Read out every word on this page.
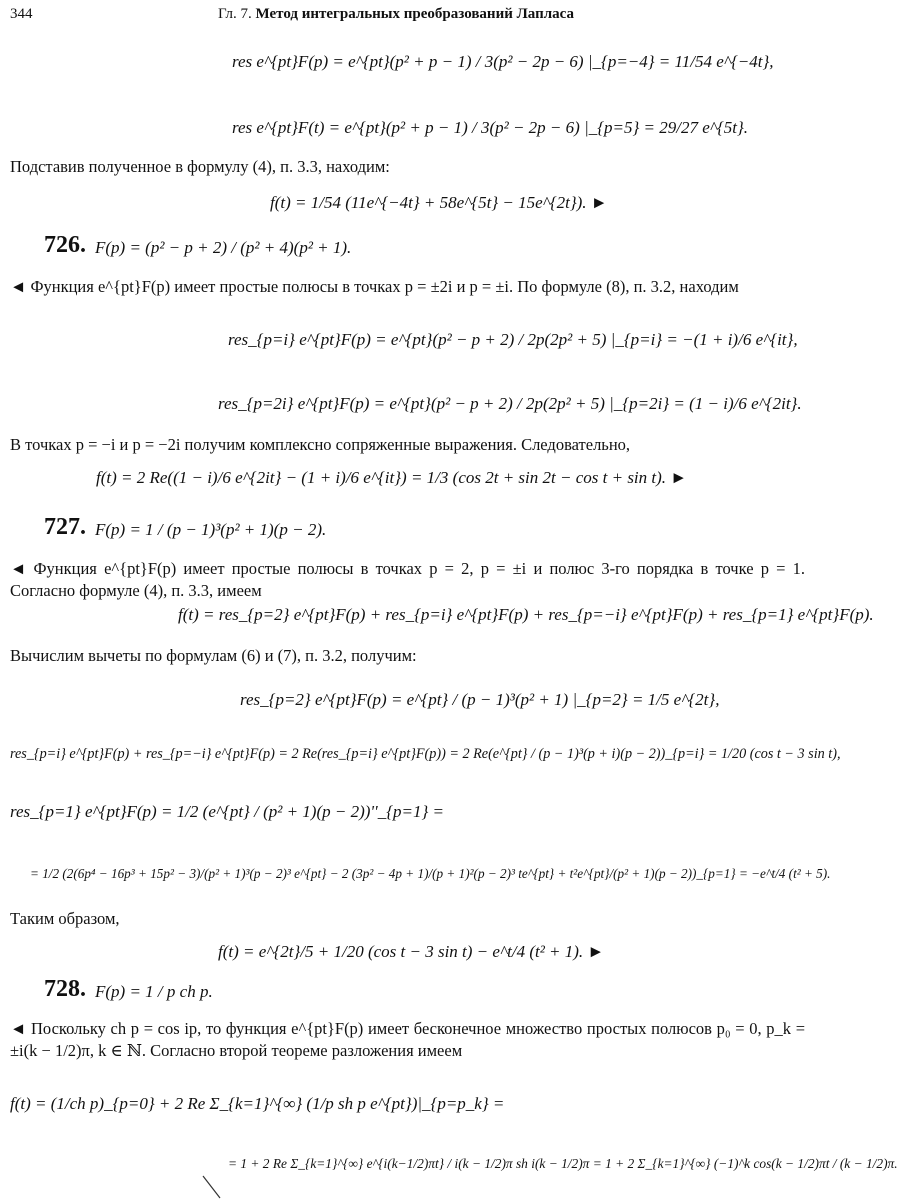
344	Гл. 7. Метод интегральных преобразований Лапласа
res e^{pt}F(p) = e^{pt}(p² + p − 1) / 3(p² − 2p − 6) |_{p=−4} = 11/54 e^{−4t},
res e^{pt}F(t) = e^{pt}(p² + p − 1) / 3(p² − 2p − 6) |_{p=5} = 29/27 e^{5t}.
Подставив полученное в формулу (4), п. 3.3, находим:
f(t) = 1/54 (11e^{−4t} + 58e^{5t} − 15e^{2t}). ►
726. F(p) = (p² − p + 2) / (p² + 4)(p² + 1).
◄ Функция e^{pt}F(p) имеет простые полюсы в точках p = ±2i и p = ±i. По формуле (8), п. 3.2, находим
res_{p=i} e^{pt}F(p) = e^{pt}(p² − p + 2) / 2p(2p² + 5) |_{p=i} = −(1 + i)/6 e^{it},
res_{p=2i} e^{pt}F(p) = e^{pt}(p² − p + 2) / 2p(2p² + 5) |_{p=2i} = (1 − i)/6 e^{2it}.
В точках p = −i и p = −2i получим комплексно сопряженные выражения. Следовательно,
f(t) = 2 Re((1 − i)/6 e^{2it} − (1 + i)/6 e^{it}) = 1/3 (cos 2t + sin 2t − cos t + sin t). ►
727. F(p) = 1 / (p − 1)³(p² + 1)(p − 2).
◄ Функция e^{pt}F(p) имеет простые полюсы в точках p = 2, p = ±i и полюс 3-го порядка в точке p = 1. Согласно формуле (4), п. 3.3, имеем
f(t) = res_{p=2} e^{pt}F(p) + res_{p=i} e^{pt}F(p) + res_{p=−i} e^{pt}F(p) + res_{p=1} e^{pt}F(p).
Вычислим вычеты по формулам (6) и (7), п. 3.2, получим:
res_{p=2} e^{pt}F(p) = e^{pt} / (p − 1)³(p² + 1) |_{p=2} = 1/5 e^{2t},
res_{p=i} e^{pt}F(p) + res_{p=−i} e^{pt}F(p) = 2 Re(res_{p=i} e^{pt}F(p)) = 2 Re(e^{pt} / (p − 1)³(p + i)(p − 2))_{p=i} = 1/20 (cos t − 3 sin t),
res_{p=1} e^{pt}F(p) = 1/2 (e^{pt} / (p² + 1)(p − 2))''_{p=1} =
= 1/2 (2(6p⁴ − 16p³ + 15p² − 3)/(p² + 1)³(p − 2)³ e^{pt} − 2 (3p² − 4p + 1)/(p + 1)²(p − 2)³ te^{pt} + t²e^{pt}/(p² + 1)(p − 2))_{p=1} = −e^t/4 (t² + 5).
Таким образом,
f(t) = e^{2t}/5 + 1/20 (cos t − 3 sin t) − e^t/4 (t² + 1). ►
728. F(p) = 1 / p ch p.
◄ Поскольку ch p = cos ip, то функция e^{pt}F(p) имеет бесконечное множество простых полюсов p₀ = 0, p_k = ±i(k − 1/2)π, k ∈ ℕ. Согласно второй теореме разложения имеем
f(t) = (1/ch p)_{p=0} + 2 Re Σ_{k=1}^{∞} (1/p sh p e^{pt})|_{p=p_k} =
= 1 + 2 Re Σ_{k=1}^{∞} e^{i(k−1/2)πt} / i(k − 1/2)π sh i(k − 1/2)π = 1 + 2 Σ_{k=1}^{∞} (−1)^k cos(k − 1/2)πt / (k − 1/2)π.
